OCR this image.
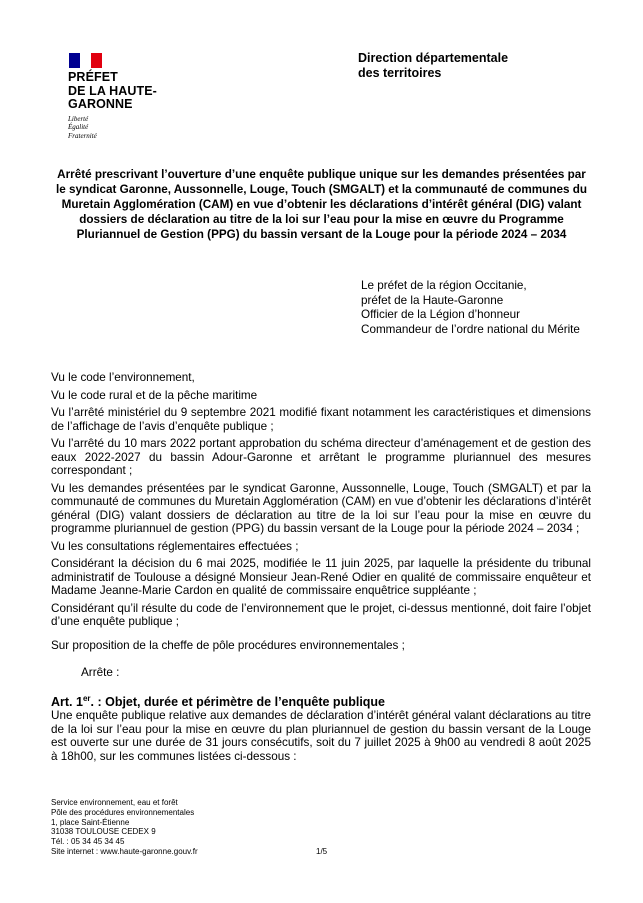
PRÉFET
DE LA HAUTE-
GARONNE
Liberté
Égalité
Fraternité
Direction départementale
des territoires
Arrêté prescrivant l’ouverture d’une enquête publique unique sur les demandes présentées par le syndicat Garonne, Aussonnelle, Louge, Touch (SMGALT) et la communauté de communes du Muretain Agglomération (CAM) en vue d’obtenir les déclarations d’intérêt général (DIG) valant dossiers de déclaration au titre de la loi sur l’eau pour la mise en œuvre du Programme Pluriannuel de Gestion (PPG) du bassin versant de la Louge pour la période 2024 – 2034
Le préfet de la région Occitanie,
préfet de la Haute-Garonne
Officier de la Légion d’honneur
Commandeur de l’ordre national du Mérite

Vu le code l’environnement,

Vu le code rural et de la pêche maritime

Vu l’arrêté ministériel du 9 septembre 2021 modifié fixant notamment les caractéristiques et dimensions de l’affichage de l’avis d’enquête publique ;

Vu l’arrêté du 10 mars 2022 portant approbation du schéma directeur d’aménagement et de gestion des eaux 2022-2027 du bassin Adour-Garonne et arrêtant le programme pluriannuel des mesures correspondant ;

Vu les demandes présentées par le syndicat Garonne, Aussonnelle, Louge, Touch (SMGALT) et par la communauté de communes du Muretain Agglomération (CAM) en vue d’obtenir les déclarations d’intérêt général (DIG) valant dossiers de déclaration au titre de la loi sur l’eau pour la mise en œuvre du programme pluriannuel de gestion (PPG) du bassin versant de la Louge pour la période 2024 – 2034 ;

Vu les consultations réglementaires effectuées ;

Considérant la décision du 6 mai 2025, modifiée le 11 juin 2025, par laquelle la présidente du tribunal administratif de Toulouse a désigné Monsieur Jean-René Odier en qualité de commissaire enquêteur et Madame Jeanne-Marie Cardon en qualité de commissaire enquêtrice suppléante ;

Considérant qu’il résulte du code de l’environnement que le projet, ci-dessus mentionné, doit faire l’objet d’une enquête publique ;

Sur proposition de la cheffe de pôle procédures environnementales ;

Arrête :

Art. 1er. : Objet, durée et périmètre de l’enquête publique

Une enquête publique relative aux demandes de déclaration d’intérêt général valant déclarations au titre de la loi sur l’eau pour la mise en œuvre du plan pluriannuel de gestion du bassin versant de la Louge est ouverte sur une durée de 31 jours consécutifs, soit du 7 juillet 2025 à 9h00 au vendredi 8 août 2025 à 18h00, sur les communes listées ci-dessous :

Service environnement, eau et forêt
Pôle des procédures environnementales
1, place Saint-Étienne
31038 TOULOUSE CEDEX 9
Tél. : 05 34 45 34 45
Site internet : www.haute-garonne.gouv.fr	1/5
